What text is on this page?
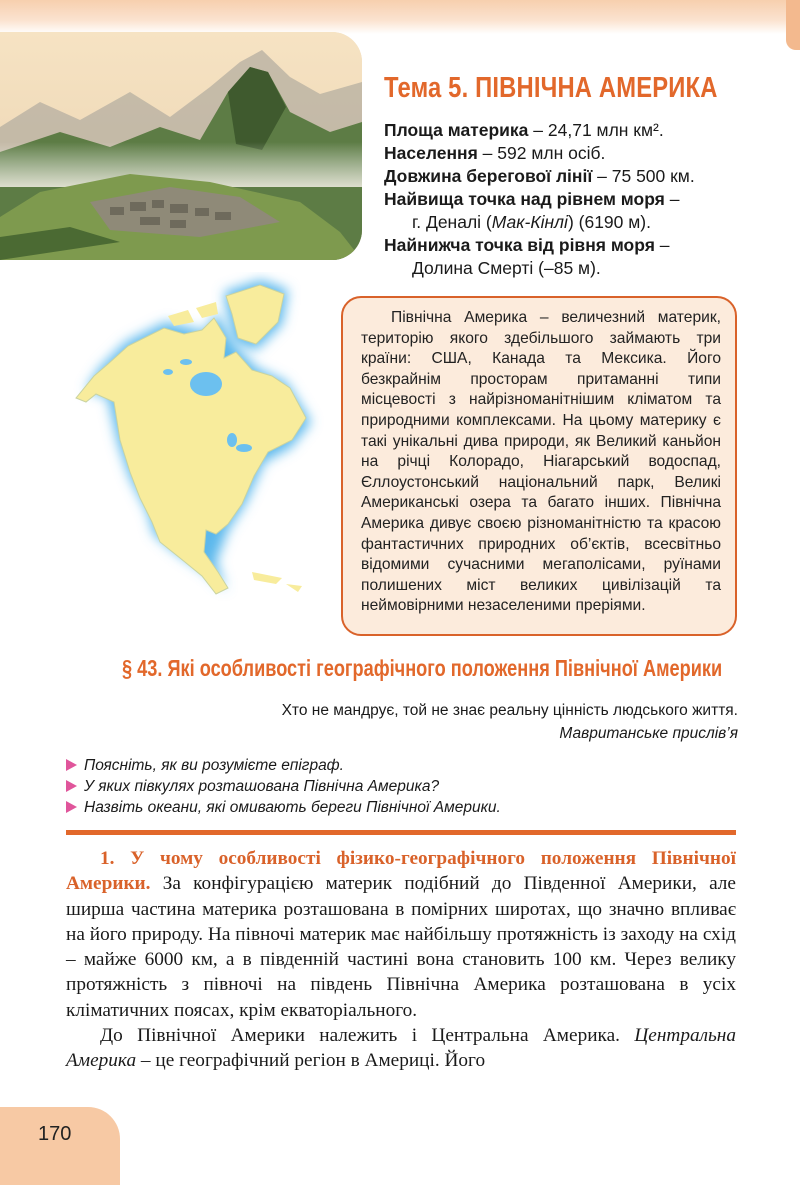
Тема 5. ПІВНІЧНА АМЕРИКА
Площа материка – 24,71 млн км².
Населення – 592 млн осіб.
Довжина берегової лінії – 75 500 км.
Найвища точка над рівнем моря –
г. Деналі (Мак-Кінлі) (6190 м).
Найнижча точка від рівня моря –
Долина Смерті (–85 м).

Північна Америка – величезний материк, територію якого здебільшого займають три країни: США, Канада та Мексика. Його безкрайнім просторам притаманні типи місцевості з найрізноманітнішим кліматом та природними комплексами. На цьому материку є такі унікальні дива природи, як Великий каньйон на річці Колорадо, Ніагарський водоспад, Єллоустонський національний парк, Великі Американські озера та багато інших. Північна Америка дивує своєю різноманітністю та красою фантастичних природних об’єктів, всесвітньо відомими сучасними мегаполісами, руїнами полишених міст великих цивілізацій та неймовірними незаселеними преріями.

§ 43. Які особливості географічного положення Північної Америки
Хто не мандрує, той не знає реальну цінність людського життя.
Мавританське прислів’я
Поясніть, як ви розумієте епіграф.
У яких півкулях розташована Північна Америка?
Назвіть океани, які омивають береги Північної Америки.

1. У чому особливості фізико-географічного положення Північної Америки. За конфігурацією материк подібний до Південної Америки, але ширша частина материка розташована в помірних широтах, що значно впливає на його природу. На півночі материк має найбільшу протяжність із заходу на схід – майже 6000 км, а в південній частині вона становить 100 км. Через велику протяжність з півночі на південь Північна Америка розташована в усіх кліматичних поясах, крім екваторіального.

До Північної Америки належить і Центральна Америка. Центральна Америка – це географічний регіон в Америці. Його

170
